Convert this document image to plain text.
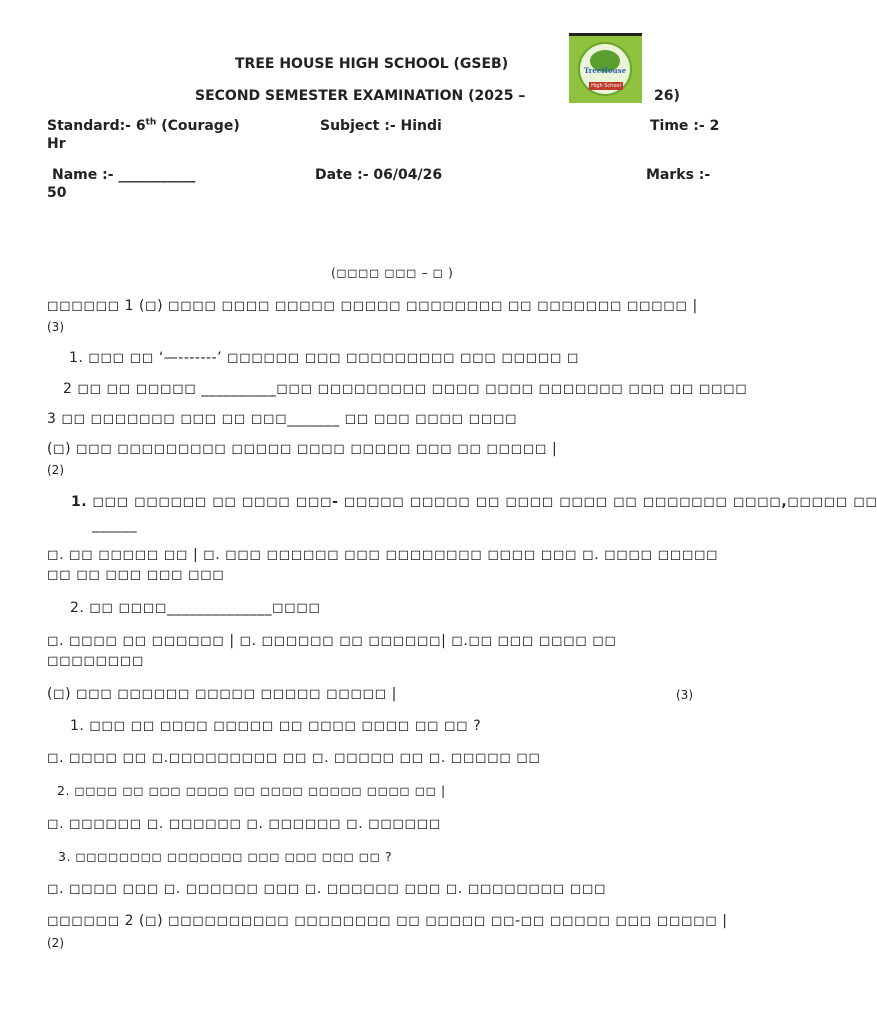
TREE HOUSE HIGH SCHOOL (GSEB)
SECOND SEMESTER EXAMINATION (2025 –	26)
TreeHouse
High School
Standard:- 6th (Courage)	Subject :- Hindi	Time :- 2
Hr
Name :- ___________	Date :- 06/04/26	Marks :-
50
(◻◻◻◻ ◻◻◻ – ◻ )
◻◻◻◻◻◻ 1 (◻) ◻◻◻◻ ◻◻◻◻ ◻◻◻◻◻ ◻◻◻◻◻ ◻◻◻◻◻◻◻◻ ◻◻ ◻◻◻◻◻◻◻ ◻◻◻◻◻ |
(3)
1. ◻◻◻ ◻◻ ‘—-------’ ◻◻◻◻◻◻ ◻◻◻ ◻◻◻◻◻◻◻◻◻ ◻◻◻ ◻◻◻◻◻ ◻
2 ◻◻ ◻◻ ◻◻◻◻◻ __________◻◻◻ ◻◻◻◻◻◻◻◻◻ ◻◻◻◻ ◻◻◻◻ ◻◻◻◻◻◻◻ ◻◻◻ ◻◻ ◻◻◻◻
3 ◻◻ ◻◻◻◻◻◻◻ ◻◻◻ ◻◻ ◻◻◻_______ ◻◻ ◻◻◻ ◻◻◻◻ ◻◻◻◻
(◻) ◻◻◻ ◻◻◻◻◻◻◻◻◻ ◻◻◻◻◻ ◻◻◻◻ ◻◻◻◻◻ ◻◻◻ ◻◻ ◻◻◻◻◻ |
(2)
1. ◻◻◻ ◻◻◻◻◻◻ ◻◻ ◻◻◻◻ ◻◻◻- ◻◻◻◻◻ ◻◻◻◻◻ ◻◻ ◻◻◻◻ ◻◻◻◻ ◻◻ ◻◻◻◻◻◻◻ ◻◻◻◻,◻◻◻◻◻ ◻◻
______
◻. ◻◻ ◻◻◻◻◻ ◻◻ | ◻. ◻◻◻ ◻◻◻◻◻◻ ◻◻◻ ◻◻◻◻◻◻◻◻ ◻◻◻◻ ◻◻◻ ◻. ◻◻◻◻ ◻◻◻◻◻
◻◻ ◻◻ ◻◻◻ ◻◻◻ ◻◻◻
2. ◻◻ ◻◻◻◻______________◻◻◻◻
◻. ◻◻◻◻ ◻◻ ◻◻◻◻◻◻ | ◻. ◻◻◻◻◻◻ ◻◻ ◻◻◻◻◻◻| ◻.◻◻ ◻◻◻ ◻◻◻◻ ◻◻
◻◻◻◻◻◻◻◻
(◻) ◻◻◻ ◻◻◻◻◻◻ ◻◻◻◻◻ ◻◻◻◻◻ ◻◻◻◻◻ |	(3)
1. ◻◻◻ ◻◻ ◻◻◻◻ ◻◻◻◻◻ ◻◻ ◻◻◻◻ ◻◻◻◻ ◻◻ ◻◻ ?
◻. ◻◻◻◻ ◻◻ ◻.◻◻◻◻◻◻◻◻◻ ◻◻ ◻. ◻◻◻◻◻ ◻◻ ◻. ◻◻◻◻◻ ◻◻
2. ◻◻◻◻ ◻◻ ◻◻◻ ◻◻◻◻ ◻◻ ◻◻◻◻ ◻◻◻◻◻ ◻◻◻◻ ◻◻ |
◻. ◻◻◻◻◻◻ ◻. ◻◻◻◻◻◻ ◻. ◻◻◻◻◻◻ ◻. ◻◻◻◻◻◻
3. ◻◻◻◻◻◻◻◻ ◻◻◻◻◻◻◻ ◻◻◻ ◻◻◻ ◻◻◻ ◻◻ ?
◻. ◻◻◻◻ ◻◻◻ ◻. ◻◻◻◻◻◻ ◻◻◻ ◻. ◻◻◻◻◻◻ ◻◻◻ ◻. ◻◻◻◻◻◻◻◻ ◻◻◻
◻◻◻◻◻◻ 2 (◻) ◻◻◻◻◻◻◻◻◻◻ ◻◻◻◻◻◻◻◻ ◻◻ ◻◻◻◻◻ ◻◻-◻◻ ◻◻◻◻◻ ◻◻◻ ◻◻◻◻◻ |
(2)
